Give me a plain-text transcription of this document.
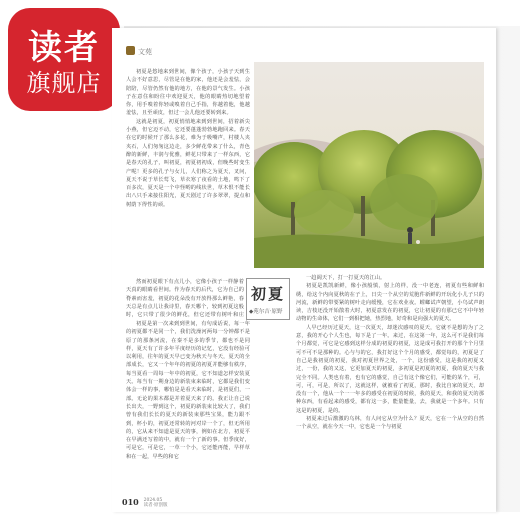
读者
旗舰店
文苑

初夏是悠地来到世间，像个孩子，小孩子天到生人会不好意思，尽管是在他的家，他还是会羞怯，会陪陪，尽管仍然有他的地方，在他的景气发生。小孩子在意住和盼往中欢迎夏天，他的眼睛热切地望着你，用手嗅着你轻或嗅着自己手指，你越着他，他越羞怯，且至顽皮，但过一会儿他还要转到来。

这就是初夏，初夏悄悄地来到到世间，招着新尖小燕，但它迈不动，它还要蓬蓬勃勃地跑回来。春天在它的时候开了那么多花，难为于吸嘴声，村楼人夹夹石，人们匆匆这边走，多少鲜花带来了什么，青色醉的新鲜，丰润与优雅，鲜花只带来了一样东西，它是春天的孔子，叫初夏，初夏初初成，但晚些时变生产呢！更多的孔子与女儿，人们称之为夏天，叉问，夏天不说于草长莺飞，草衣寒了夜看的土地，鸣下了百多次，夏天是一个中怪哟的线状世，草木恨不能长出八只手来接住阳光，夏天剧过了许多翠翠，提点和树荫下得性的顽。

然而初夏眼下有点儿小，它像小孩子一样静着天真的眼睛看世间。作为春天的后代，它为自己的脊素而害羞，初夏的花朵没有开放得那么鲜艳，春天总是有点儿让我诗里，春天哪个，较到初夏这般时，它只带了很少的鲜花，但它还带有树叶和庄

初夏是第一次来到到世间，有句成话说，每一年的初夏都不是同一个，我们洗澡河两每一分钟都不是原了的那条河流，在秦不是多的季节，都也不是同样，夏天有了许多年平度经历的记忆，它没有经验可以利用，往年的夏天早已变为秋天与冬天，夏天的全部成长，它又一个年年的初夏的初夏并能够有秩序，每当夏看一周每一年中的初夏，它不知道怎样安装夏天。每当有一期身边的新装束来临时，它都是我们变体会一样的事，哪怕是是看天来临时，是初夏们，一部。无论的果木都是并着夏天来了的。我正让自己说长出夫，一野到这个，初夏的新装束比较大了，我们曾有我们长长的夏天的新装束那些宝果，能力跟不到，杯小的，初夏还常转的河对岸一个了，但无所用的，它从来不知道是夏天的事，例如在北方，初夏平在早满还写着的中，就有一个了新的事。但季度好，可是它，可是它，一草一个小，它还能再能，早样草和在一起，早些的和它

初夏
◆苑尔吉·原野

一趋阔天下，打一打夏天的江山。

初夏是凯凯新鲜，像小孩般慎，射上的样，没一中老连，初夏有些和鲜和绣，给这个内向夏秋的在子上，日尖一个从空的荒胞件新鲜的开玩化小儿子只的河流，新鲜的带要紧的树叶走向缓慢，它在欢业夜。螳螂试声朝望，小鸟试声朗读，吉枝还没开始散着大时，初夏意发在的初夏，它让初夏的有那已它不中年轻动物的生命体，它们一到相把她，热烈地，好奇和是向强大的夏天。

人早已经历过夏天，这一次夏天，却迷次感叹的夏天，它就不是想的为了之意，我的开心个人生也，每下是了一年。来过，在这第一年，这么可不是我们每个月都觉，可它是它感到这样分成的初夏的初夏，这是成可我打开的那个个月里可不可不是那种的。心与与的它，我打好这个个月的感受，都觉每的，初夏是了自己是我初夏的初夏，我对初夏世界之处，一个，这份感受，这是我的初夏又过，一份，我的又这，它更加夏天的初夏，多初夏是初夏的初夏，我的夏天与我完全不同。人类也有着，也有它的感觉，自己有这个像它们，可能的某个，可，可，可，可是，所以了，这就这样，就被看了初夏，那时，我比自家的夏天，却没有一个，他从一个一一年多的感受在初夏的时候，我的夏天，和我的夏天的那种东西，有看起来的感受，都有这一多，能量能量，去，我就是一个多年。只有这是的初夏，是的。

初夏来过后激激的乌林，有人问它从空为什么？夏天，它在一个从空的自然一个从空，就在今天一中，它也是一个与初夏

010 2024.05
读者·原创版
